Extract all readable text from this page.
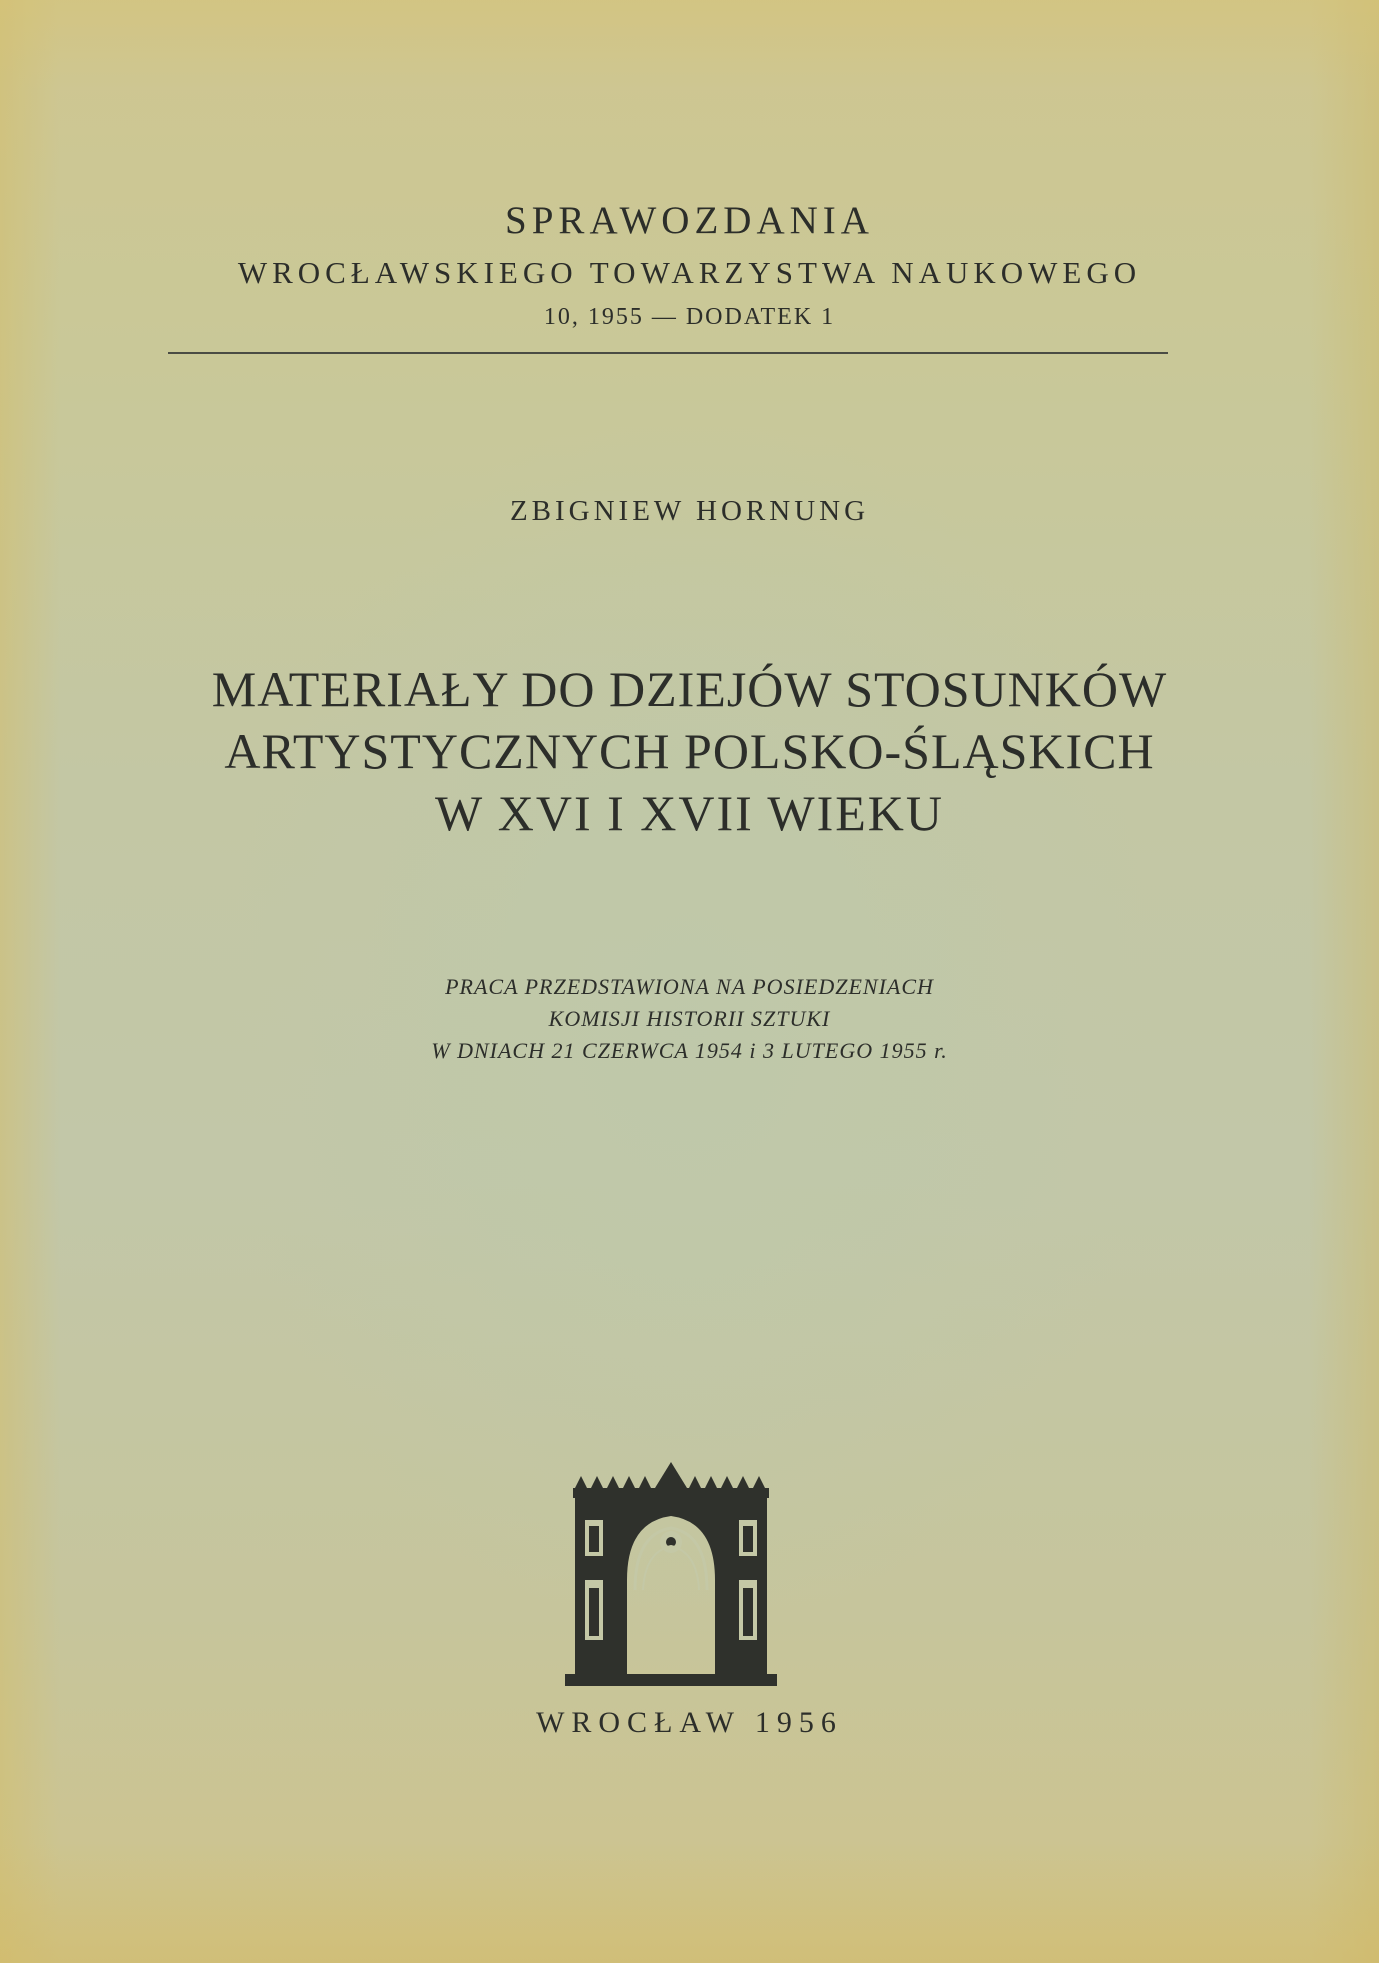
SPRAWOZDANIA
WROCŁAWSKIEGO TOWARZYSTWA NAUKOWEGO
10, 1955 — DODATEK 1
ZBIGNIEW HORNUNG
MATERIAŁY DO DZIEJÓW STOSUNKÓW
ARTYSTYCZNYCH POLSKO-ŚLĄSKICH
W XVI I XVII WIEKU
PRACA PRZEDSTAWIONA NA POSIEDZENIACH
KOMISJI HISTORII SZTUKI
W DNIACH 21 CZERWCA 1954 i 3 LUTEGO 1955 r.
WROCŁAW 1956
